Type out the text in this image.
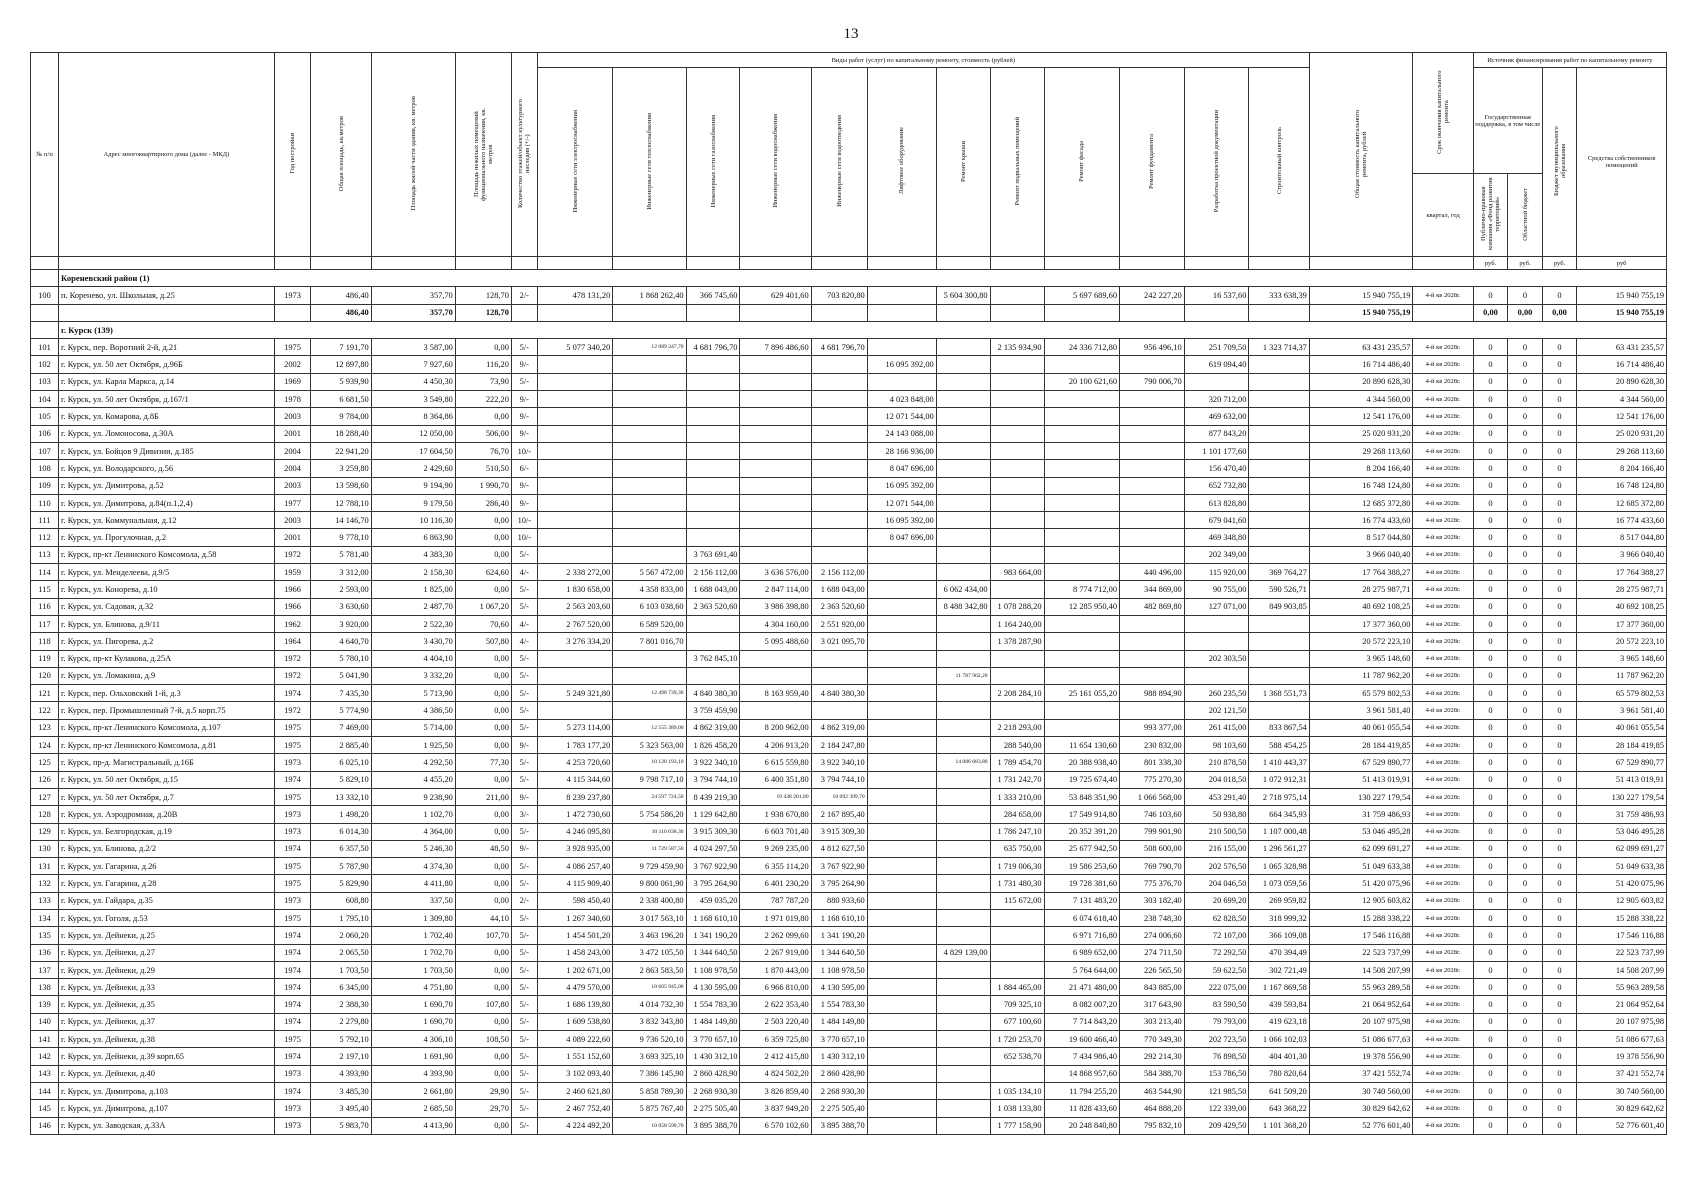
13
№ п/п	Адрес многоквартирного дома (далее - МКД)	Год постройки	Общая площадь, кв.метров	Площадь жилой части здания, кв. метров	Площадь нежилых помещений функционального назначения, кв. метров	Количество этажей/объект культурного наследия (+/-)	Виды работ (услуг) по капитальному ремонту, стоимость (рублей)												Общая стоимость капитального ремонта, рублей	Срок окончания капитального ремонта	Источник финансирования работ по капитальному ремонту			
							Инженерные сети электроснабжения	Инженерные сети теплоснабжения	Инженерные сети газоснабжения	Инженерные сети водоснабжения	Инженерные сети водоотведения	Лифтовое оборудование	Ремонт крыши	Ремонт подвальных помещений	Ремонт фасада	Ремонт фундамента	Разработка проектной документации	Строительный контроль			Государственная поддержка, в том числе		Бюджет муниципального образования	Средства собственников помещений
																				квартал, год	Публично-правовая компания «Фонд развития территорий»	Областной бюджет		
																					руб.	руб.	руб.	руб
	Кореневский район (1)																							
100	п. Коренево, ул. Школьная, д.25	1973	486,40	357,70	128,70	2/-	478 131,20	1 868 262,40	366 745,60	629 401,60	703 820,80		5 604 300,80		5 697 689,60	242 227,20	16 537,60	333 638,39	15 940 755,19	4-й кв 2028г.	0	0	0	15 940 755,19
			486,40	357,70	128,70														15 940 755,19		0,00	0,00	0,00	15 940 755,19
	г. Курск (139)																							
101	г. Курск, пер. Воротний 2-й, д.21	1975	7 191,70	3 587,00	0,00	5/-	5 077 340,20	12 089 247,70	4 681 796,70	7 896 486,60	4 681 796,70			2 135 934,90	24 336 712,80	956 496,10	251 709,50	1 323 714,37	63 431 235,57	4-й кв 2028г.	0	0	0	63 431 235,57
102	г. Курск, ул. 50 лет Октября, д.96Б	2002	12 897,80	7 927,60	116,20	9/-						16 095 392,00					619 094,40		16 714 486,40	4-й кв 2028г.	0	0	0	16 714 486,40
103	г. Курск, ул. Карла Маркса, д.14	1969	5 939,90	4 450,30	73,90	5/-									20 100 621,60	790 006,70			20 890 628,30	4-й кв 2028г.	0	0	0	20 890 628,30
104	г. Курск, ул. 50 лет Октября, д.167/1	1978	6 681,50	3 549,80	222,20	9/-						4 023 848,00					320 712,00		4 344 560,00	4-й кв 2028г.	0	0	0	4 344 560,00
105	г. Курск, ул. Комарова, д.8Б	2003	9 784,00	8 364,86	0,00	9/-						12 071 544,00					469 632,00		12 541 176,00	4-й кв 2028г.	0	0	0	12 541 176,00
106	г. Курск, ул. Ломоносова, д.30А	2001	18 288,40	12 050,00	506,00	9/-						24 143 088,00					877 843,20		25 020 931,20	4-й кв 2028г.	0	0	0	25 020 931,20
107	г. Курск, ул. Бойцов 9 Дивизии, д.185	2004	22 941,20	17 604,50	76,70	10/-						28 166 936,00					1 101 177,60		29 268 113,60	4-й кв 2028г.	0	0	0	29 268 113,60
108	г. Курск, ул. Володарского, д.56	2004	3 259,80	2 429,60	510,50	6/-						8 047 696,00					156 470,40		8 204 166,40	4-й кв 2028г.	0	0	0	8 204 166,40
109	г. Курск, ул. Димитрова, д.52	2003	13 598,60	9 194,90	1 990,70	9/-						16 095 392,00					652 732,80		16 748 124,80	4-й кв 2028г.	0	0	0	16 748 124,80
110	г. Курск, ул. Димитрова, д.84(п.1,2,4)	1977	12 788,10	9 179,50	286,40	9/-						12 071 544,00					613 828,80		12 685 372,80	4-й кв 2028г.	0	0	0	12 685 372,80
111	г. Курск, ул. Коммунальная, д.12	2003	14 146,70	10 116,30	0,00	10/-						16 095 392,00					679 041,60		16 774 433,60	4-й кв 2028г.	0	0	0	16 774 433,60
112	г. Курск, ул. Прогулочная, д.2	2001	9 778,10	6 863,90	0,00	10/-						8 047 696,00					469 348,80		8 517 044,80	4-й кв 2028г.	0	0	0	8 517 044,80
113	г. Курск, пр-кт Ленинского Комсомола, д.58	1972	5 781,40	4 383,30	0,00	5/-			3 763 691,40								202 349,00		3 966 040,40	4-й кв 2028г.	0	0	0	3 966 040,40
114	г. Курск, ул. Менделеева, д.9/5	1959	3 312,00	2 158,30	624,60	4/-	2 338 272,00	5 567 472,00	2 156 112,00	3 636 576,00	2 156 112,00			983 664,00		440 496,00	115 920,00	369 764,27	17 764 388,27	4-й кв 2028г.	0	0	0	17 764 388,27
115	г. Курск, ул. Конорева, д.10	1966	2 593,00	1 825,00	0,00	5/-	1 830 658,00	4 358 833,00	1 688 043,00	2 847 114,00	1 688 043,00		6 062 434,00		8 774 712,00	344 869,00	90 755,00	590 526,71	28 275 987,71	4-й кв 2028г.	0	0	0	28 275 987,71
116	г. Курск, ул. Садовая, д.32	1966	3 630,60	2 487,70	1 067,20	5/-	2 563 203,60	6 103 038,60	2 363 520,60	3 986 398,80	2 363 520,60		8 488 342,80	1 078 288,20	12 285 950,40	482 869,80	127 071,00	849 903,85	40 692 108,25	4-й кв 2028г.	0	0	0	40 692 108,25
117	г. Курск, ул. Блинова, д.9/11	1962	3 920,00	2 522,30	70,60	4/-	2 767 520,00	6 589 520,00		4 304 160,00	2 551 920,00			1 164 240,00					17 377 360,00	4-й кв 2028г.	0	0	0	17 377 360,00
118	г. Курск, ул. Пигорева, д.2	1964	4 640,70	3 430,70	507,80	4/-	3 276 334,20	7 801 016,70		5 095 488,60	3 021 095,70			1 378 287,90					20 572 223,10	4-й кв 2028г.	0	0	0	20 572 223,10
119	г. Курск, пр-кт Кулакова, д.25А	1972	5 780,10	4 404,10	0,00	5/-			3 762 845,10								202 303,50		3 965 148,60	4-й кв 2028г.	0	0	0	3 965 148,60
120	г. Курск, ул. Ломакина, д.9	1972	5 041,90	3 332,20	0,00	5/-							11 787 962,20						11 787 962,20	4-й кв 2028г.	0	0	0	11 787 962,20
121	г. Курск, пер. Ольховский 1-й, д.3	1974	7 435,30	5 713,90	0,00	5/-	5 249 321,80	12 498 739,30	4 840 380,30	8 163 959,40	4 840 380,30			2 208 284,10	25 161 055,20	988 894,90	260 235,50	1 368 551,73	65 579 802,53	4-й кв 2028г.	0	0	0	65 579 802,53
122	г. Курск, пер. Промышленный 7-й, д.5 корп.75	1972	5 774,90	4 386,50	0,00	5/-			3 759 459,90								202 121,50		3 961 581,40	4-й кв 2028г.	0	0	0	3 961 581,40
123	г. Курск, пр-кт Ленинского Комсомола, д.107	1975	7 469,00	5 714,00	0,00	5/-	5 273 114,00	12 555 389,00	4 862 319,00	8 200 962,00	4 862 319,00			2 218 293,00		993 377,00	261 415,00	833 867,54	40 061 055,54	4-й кв 2028г.	0	0	0	40 061 055,54
124	г. Курск, пр-кт Ленинского Комсомола, д.81	1975	2 885,40	1 925,50	0,00	9/-	1 783 177,20	5 323 563,00	1 826 458,20	4 206 913,20	2 184 247,80			288 540,00	11 654 130,60	230 832,00	98 103,60	588 454,25	28 184 419,85	4-й кв 2028г.	0	0	0	28 184 419,85
125	г. Курск, пр-д. Магистральный, д.16Б	1973	6 025,10	4 292,50	77,30	5/-	4 253 720,60	10 128 193,10	3 922 340,10	6 615 559,80	3 922 340,10		14 086 683,80	1 789 454,70	20 388 938,40	801 338,30	210 878,50	1 410 443,37	67 529 890,77	4-й кв 2028г.	0	0	0	67 529 890,77
126	г. Курск, ул. 50 лет Октября, д.15	1974	5 829,10	4 455,20	0,00	5/-	4 115 344,60	9 798 717,10	3 794 744,10	6 400 351,80	3 794 744,10			1 731 242,70	19 725 674,40	775 270,30	204 018,50	1 072 912,31	51 413 019,91	4-й кв 2028г.	0	0	0	51 413 019,91
127	г. Курск, ул. 50 лет Октября, д.7	1975	13 332,10	9 238,90	211,00	9/-	8 239 237,80	24 597 724,50	8 439 219,30	19 438 201,80	10 092 399,70			1 333 210,00	53 848 351,90	1 066 568,00	453 291,40	2 718 975,14	130 227 179,54	4-й кв 2028г.	0	0	0	130 227 179,54
128	г. Курск, ул. Аэродромная, д.20В	1973	1 498,20	1 102,70	0,00	3/-	1 472 730,60	5 754 586,20	1 129 642,80	1 938 670,80	2 167 895,40			284 658,00	17 549 914,80	746 103,60	50 938,80	664 345,93	31 759 486,93	4-й кв 2028г.	0	0	0	31 759 486,93
129	г. Курск, ул. Белгородская, д.19	1973	6 014,30	4 364,00	0,00	5/-	4 246 095,80	10 110 038,30	3 915 309,30	6 603 701,40	3 915 309,30			1 786 247,10	20 352 391,20	799 901,90	210 500,50	1 107 000,48	53 046 495,28	4-й кв 2028г.	0	0	0	53 046 495,28
130	г. Курск, ул. Блинова, д.2/2	1974	6 357,50	5 246,30	48,50	9/-	3 928 935,00	11 729 587,50	4 024 297,50	9 269 235,00	4 812 627,50			635 750,00	25 677 942,50	508 600,00	216 155,00	1 296 561,27	62 099 691,27	4-й кв 2028г.	0	0	0	62 099 691,27
131	г. Курск, ул. Гагарина, д.26	1975	5 787,90	4 374,30	0,00	5/-	4 086 257,40	9 729 459,90	3 767 922,90	6 355 114,20	3 767 922,90			1 719 006,30	19 586 253,60	769 790,70	202 576,50	1 065 328,98	51 049 633,38	4-й кв 2028г.	0	0	0	51 049 633,38
132	г. Курск, ул. Гагарина, д.28	1975	5 829,90	4 411,80	0,00	5/-	4 115 909,40	9 800 061,90	3 795 264,90	6 401 230,20	3 795 264,90			1 731 480,30	19 728 381,60	775 376,70	204 046,50	1 073 059,56	51 420 075,96	4-й кв 2028г.	0	0	0	51 420 075,96
133	г. Курск, ул. Гайдара, д.35	1973	608,80	337,50	0,00	2/-	598 450,40	2 338 400,80	459 035,20	787 787,20	880 933,60			115 672,00	7 131 483,20	303 182,40	20 699,20	269 959,82	12 905 603,82	4-й кв 2028г.	0	0	0	12 905 603,82
134	г. Курск, ул. Гоголя, д.53	1975	1 795,10	1 309,80	44,10	5/-	1 267 340,60	3 017 563,10	1 168 610,10	1 971 019,80	1 168 610,10				6 074 618,40	238 748,30	62 828,50	318 999,32	15 288 338,22	4-й кв 2028г.	0	0	0	15 288 338,22
135	г. Курск, ул. Дейнеки, д.25	1974	2 060,20	1 702,40	107,70	5/-	1 454 501,20	3 463 196,20	1 341 190,20	2 262 099,60	1 341 190,20				6 971 716,80	274 006,60	72 107,00	366 109,08	17 546 116,88	4-й кв 2028г.	0	0	0	17 546 116,88
136	г. Курск, ул. Дейнеки, д.27	1974	2 065,50	1 702,70	0,00	5/-	1 458 243,00	3 472 105,50	1 344 640,50	2 267 919,00	1 344 640,50		4 829 139,00		6 989 652,00	274 711,50	72 292,50	470 394,49	22 523 737,99	4-й кв 2028г.	0	0	0	22 523 737,99
137	г. Курск, ул. Дейнеки, д.29	1974	1 703,50	1 703,50	0,00	5/-	1 202 671,00	2 863 583,50	1 108 978,50	1 870 443,00	1 108 978,50				5 764 644,00	226 565,50	59 622,50	302 721,49	14 508 207,99	4-й кв 2028г.	0	0	0	14 508 207,99
138	г. Курск, ул. Дейнеки, д.33	1974	6 345,00	4 751,80	0,00	5/-	4 479 570,00	10 665 945,00	4 130 595,00	6 966 810,00	4 130 595,00			1 884 465,00	21 471 480,00	843 885,00	222 075,00	1 167 869,58	55 963 289,58	4-й кв 2028г.	0	0	0	55 963 289,58
139	г. Курск, ул. Дейнеки, д.35	1974	2 388,30	1 690,70	107,80	5/-	1 686 139,80	4 014 732,30	1 554 783,30	2 622 353,40	1 554 783,30			709 325,10	8 082 007,20	317 643,90	83 590,50	439 593,84	21 064 952,64	4-й кв 2028г.	0	0	0	21 064 952,64
140	г. Курск, ул. Дейнеки, д.37	1974	2 279,80	1 690,70	0,00	5/-	1 609 538,80	3 832 343,80	1 484 149,80	2 503 220,40	1 484 149,80			677 100,60	7 714 843,20	303 213,40	79 793,00	419 623,18	20 107 975,98	4-й кв 2028г.	0	0	0	20 107 975,98
141	г. Курск, ул. Дейнеки, д.38	1975	5 792,10	4 306,10	108,50	5/-	4 089 222,60	9 736 520,10	3 770 657,10	6 359 725,80	3 770 657,10			1 720 253,70	19 600 466,40	770 349,30	202 723,50	1 066 102,03	51 086 677,63	4-й кв 2028г.	0	0	0	51 086 677,63
142	г. Курск, ул. Дейнеки, д.39 корп.65	1974	2 197,10	1 691,90	0,00	5/-	1 551 152,60	3 693 325,10	1 430 312,10	2 412 415,80	1 430 312,10			652 538,70	7 434 986,40	292 214,30	76 898,50	404 401,30	19 378 556,90	4-й кв 2028г.	0	0	0	19 378 556,90
143	г. Курск, ул. Дейнеки, д.40	1973	4 393,90	4 393,90	0,00	5/-	3 102 093,40	7 386 145,90	2 860 428,90	4 824 502,20	2 860 428,90				14 868 957,60	584 388,70	153 786,50	780 820,64	37 421 552,74	4-й кв 2028г.	0	0	0	37 421 552,74
144	г. Курск, ул. Димитрова, д.103	1974	3 485,30	2 661,80	29,90	5/-	2 460 621,80	5 858 789,30	2 268 930,30	3 826 859,40	2 268 930,30			1 035 134,10	11 794 255,20	463 544,90	121 985,50	641 509,20	30 740 560,00	4-й кв 2028г.	0	0	0	30 740 560,00
145	г. Курск, ул. Димитрова, д.107	1973	3 495,40	2 685,50	29,70	5/-	2 467 752,40	5 875 767,40	2 275 505,40	3 837 949,20	2 275 505,40			1 038 133,80	11 828 433,60	464 888,20	122 339,00	643 368,22	30 829 642,62	4-й кв 2028г.	0	0	0	30 829 642,62
146	г. Курск, ул. Заводская, д.33А	1973	5 983,70	4 413,90	0,00	5/-	4 224 492,20	10 058 599,70	3 895 388,70	6 570 102,60	3 895 388,70			1 777 158,90	20 248 840,80	795 832,10	209 429,50	1 101 368,20	52 776 601,40	4-й кв 2028г.	0	0	0	52 776 601,40
